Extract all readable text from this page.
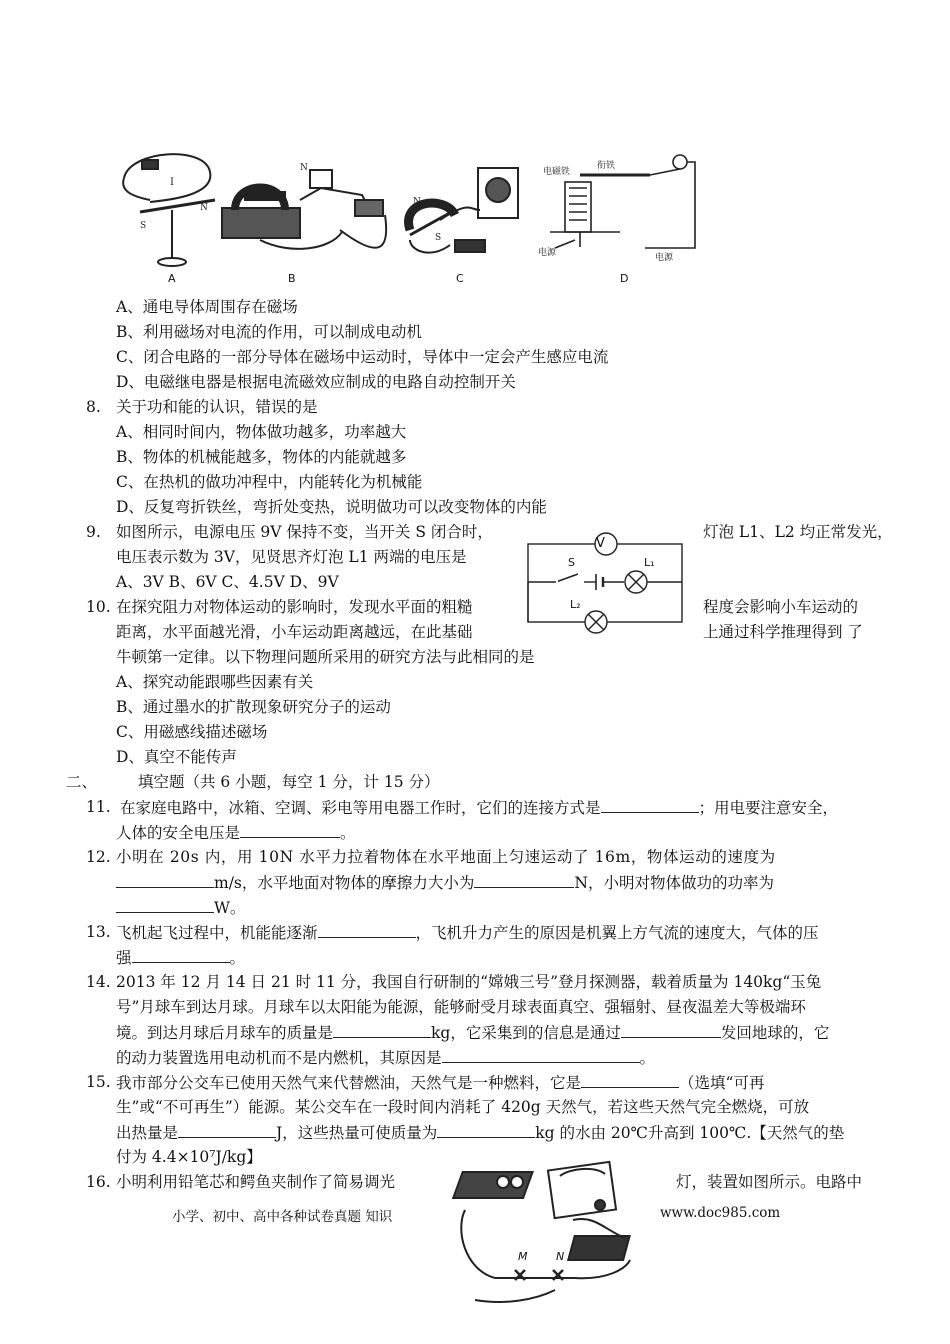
S
N
I
N
N
S
电磁铁
衔铁
电源	电源
A	B	C	D
A、通电导体周围存在磁场
B、利用磁场对电流的作用，可以制成电动机
C、闭合电路的一部分导体在磁场中运动时，导体中一定会产生感应电流
D、电磁继电器是根据电流磁效应制成的电路自动控制开关
8. 关于功和能的认识，错误的是
A、相同时间内，物体做功越多，功率越大
B、物体的机械能越多，物体的内能就越多
C、在热机的做功冲程中，内能转化为机械能
D、反复弯折铁丝，弯折处变热，说明做功可以改变物体的内能
9. 如图所示，电源电压 9V 保持不变，当开关 S 闭合时，	灯泡 L1、L2 均正常发光，
电压表示数为 3V，见贤思齐灯泡 L1 两端的电压是
A、3V B、6V C、4.5V D、9V
V
S	L₁
L₂
10. 在探究阻力对物体运动的影响时，发现水平面的粗糙	程度会影响小车运动的
距离，水平面越光滑，小车运动距离越远，在此基础	上通过科学推理得到 了
牛顿第一定律。以下物理问题所采用的研究方法与此相同的是
A、探究动能跟哪些因素有关
B、通过墨水的扩散现象研究分子的运动
C、用磁感线描述磁场
D、真空不能传声
二、	填空题（共 6 小题，每空 1 分，计 15 分）
11. 在家庭电路中，冰箱、空调、彩电等用电器工作时，它们的连接方式是	；用电要注意安全，
人体的安全电压是	。
12. 小明在 20s 内，用 10N 水平力拉着物体在水平地面上匀速运动了 16m，物体运动的速度为
m/s，水平地面对物体的摩擦力大小为	N，小明对物体做功的功率为
W。
13. 飞机起飞过程中，机能能逐渐	，飞机升力产生的原因是机翼上方气流的速度大，气体的压
强	。
14. 2013 年 12 月 14 日 21 时 11 分，我国自行研制的“嫦娥三号”登月探测器，载着质量为 140kg“玉兔
号”月球车到达月球。月球车以太阳能为能源，能够耐受月球表面真空、强辐射、昼夜温差大等极端环
境。到达月球后月球车的质量是	kg，它采集到的信息是通过	发回地球的，它
的动力装置选用电动机而不是内燃机，其原因是	。
15. 我市部分公交车已使用天然气来代替燃油，天然气是一种燃料，它是	（选填“可再
生”或“不可再生”）能源。某公交车在一段时间内消耗了 420g 天然气，若这些天然气完全燃烧，可放
出热量是	J，这些热量可使质量为	kg 的水由 20℃升高到 100℃.【天然气的垫
付为 4.4×10⁷J/kg】
16. 小明利用铅笔芯和鳄鱼夹制作了简易调光	灯，装置如图所示。电路中
M	N
小学、初中、高中各种试卷真题 知识	www.doc985.com
